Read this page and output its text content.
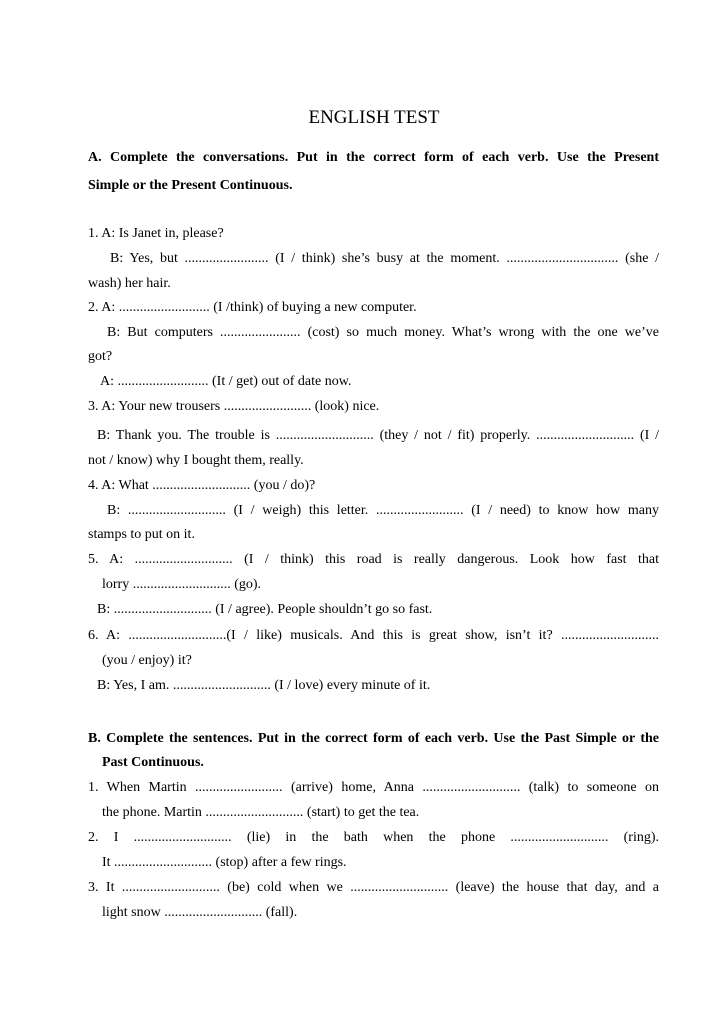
ENGLISH TEST
A. Complete the conversations. Put in the correct form of each verb. Use the Present
Simple or the Present Continuous.
1. A: Is Janet in, please?
B: Yes, but ........................ (I / think) she’s busy at the moment. ................................ (she /
wash) her hair.
2. A: .......................... (I /think) of buying a new computer.
B: But computers ....................... (cost) so much money. What’s wrong with the one we’ve
got?
A: .......................... (It / get) out of date now.
3. A: Your new trousers ......................... (look) nice.
B: Thank you. The trouble is ............................ (they / not / fit) properly. ............................ (I /
not / know) why I bought them, really.
4. A: What ............................ (you / do)?
B: ............................ (I / weigh) this letter. ......................... (I / need) to know how many
stamps to put on it.
5. A: ............................ (I / think) this road is really dangerous. Look how fast that
lorry ............................ (go).
B: ............................ (I / agree). People shouldn’t go so fast.
6. A: ............................(I / like) musicals. And this is great show, isn’t it? ............................
(you / enjoy) it?
B: Yes, I am. ............................ (I / love) every minute of it.
B. Complete the sentences. Put in the correct form of each verb. Use the Past Simple or the
Past Continuous.
1. When Martin ......................... (arrive) home, Anna ............................ (talk) to someone on
the phone. Martin ............................ (start) to get the tea.
2. I ............................ (lie) in the bath when the phone ............................ (ring).
It ............................ (stop) after a few rings.
3. It ............................ (be) cold when we ............................ (leave) the house that day, and a
light snow ............................ (fall).
